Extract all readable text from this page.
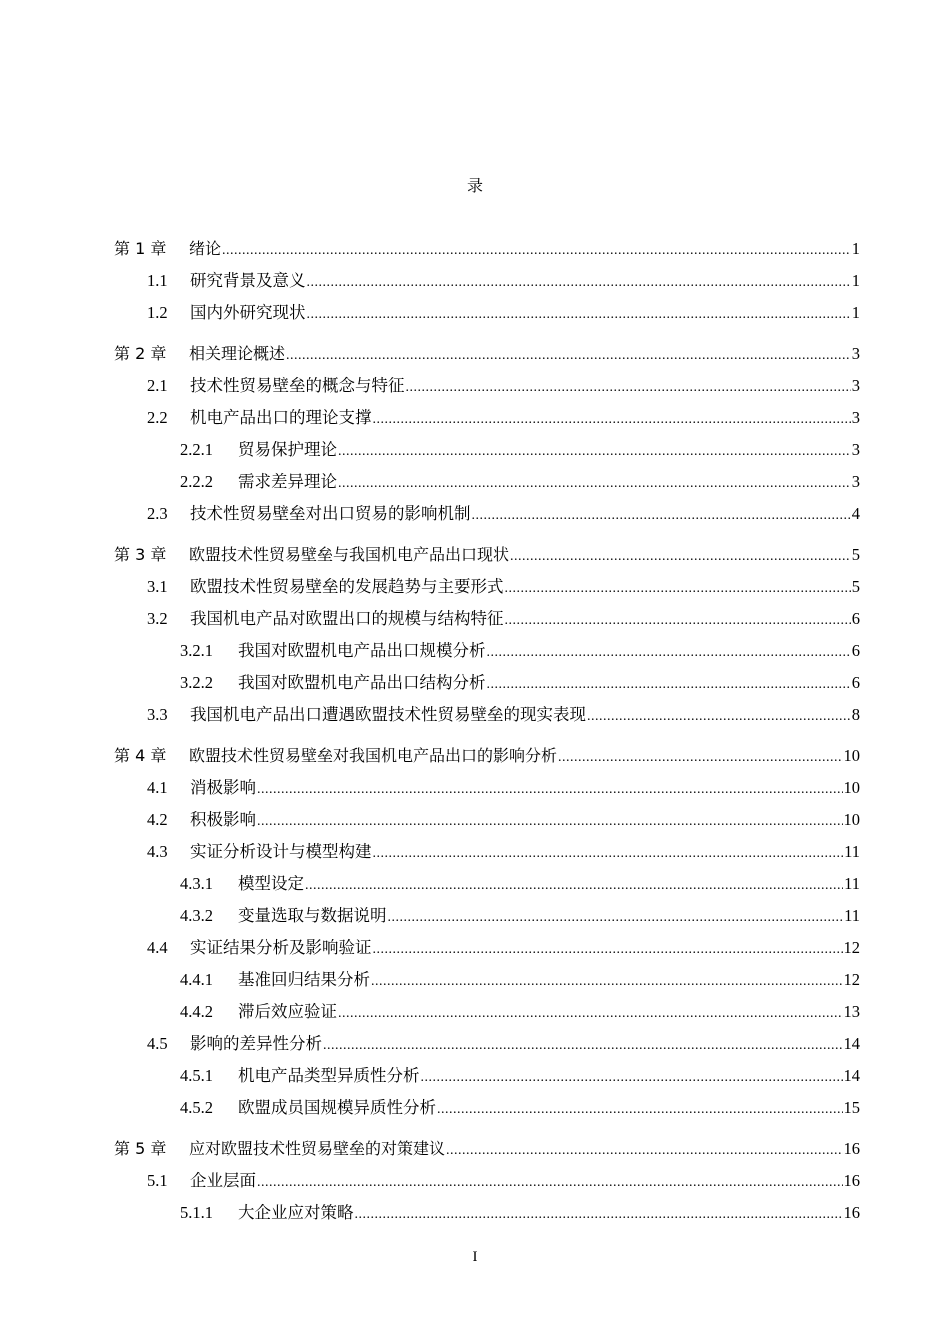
录
第 1 章	绪论 .....	1
1.1	研究背景及意义 .....	1
1.2	国内外研究现状 .....	1
第 2 章	相关理论概述 .....	3
2.1	技术性贸易壁垒的概念与特征 .....	3
2.2	机电产品出口的理论支撑 .....	3
2.2.1	贸易保护理论 .....	3
2.2.2	需求差异理论 .....	3
2.3	技术性贸易壁垒对出口贸易的影响机制 .....	4
第 3 章	欧盟技术性贸易壁垒与我国机电产品出口现状 .....	5
3.1	欧盟技术性贸易壁垒的发展趋势与主要形式 .....	5
3.2	我国机电产品对欧盟出口的规模与结构特征 .....	6
3.2.1	我国对欧盟机电产品出口规模分析 .....	6
3.2.2	我国对欧盟机电产品出口结构分析 .....	6
3.3	我国机电产品出口遭遇欧盟技术性贸易壁垒的现实表现 .....	8
第 4 章	欧盟技术性贸易壁垒对我国机电产品出口的影响分析 .....	10
4.1	消极影响 .....	10
4.2	积极影响 .....	10
4.3	实证分析设计与模型构建 .....	11
4.3.1	模型设定 .....	11
4.3.2	变量选取与数据说明 .....	11
4.4	实证结果分析及影响验证 .....	12
4.4.1	基准回归结果分析 .....	12
4.4.2	滞后效应验证 .....	13
4.5	影响的差异性分析 .....	14
4.5.1	机电产品类型异质性分析 .....	14
4.5.2	欧盟成员国规模异质性分析 .....	15
第 5 章	应对欧盟技术性贸易壁垒的对策建议 .....	16
5.1	企业层面 .....	16
5.1.1	大企业应对策略 .....	16
I
